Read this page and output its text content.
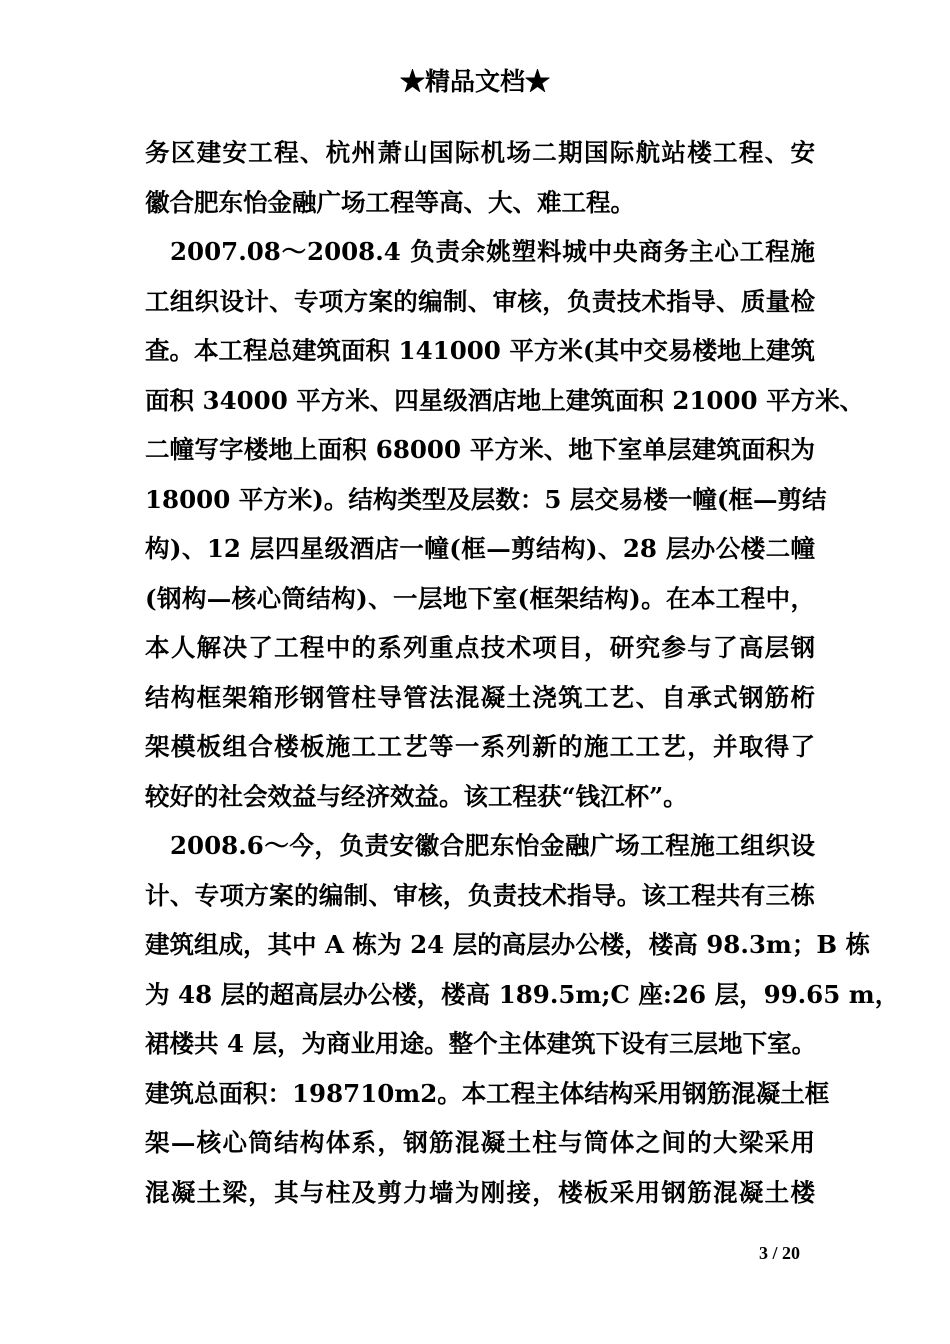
★精品文档★
务区建安工程、杭州萧山国际机场二期国际航站楼工程、安
徽合肥东怡金融广场工程等高、大、难工程。
2007.08～2008.4 负责余姚塑料城中央商务主心工程施
工组织设计、专项方案的编制、审核，负责技术指导、质量检
查。本工程总建筑面积 141000 平方米(其中交易楼地上建筑
面积 34000 平方米、四星级酒店地上建筑面积 21000 平方米、
二幢写字楼地上面积 68000 平方米、地下室单层建筑面积为
18000 平方米)。结构类型及层数：5 层交易楼一幢(框—剪结
构)、12 层四星级酒店一幢(框—剪结构)、28 层办公楼二幢
(钢构—核心筒结构)、一层地下室(框架结构)。在本工程中，
本人解决了工程中的系列重点技术项目，研究参与了高层钢
结构框架箱形钢管柱导管法混凝土浇筑工艺、自承式钢筋桁
架模板组合楼板施工工艺等一系列新的施工工艺，并取得了
较好的社会效益与经济效益。该工程获“钱江杯”。
2008.6～今，负责安徽合肥东怡金融广场工程施工组织设
计、专项方案的编制、审核，负责技术指导。该工程共有三栋
建筑组成，其中 A 栋为 24 层的高层办公楼，楼高 98.3m；B 栋
为 48 层的超高层办公楼，楼高 189.5m;C 座:26 层，99.65 m，
裙楼共 4 层，为商业用途。整个主体建筑下设有三层地下室。
建筑总面积：198710m2。本工程主体结构采用钢筋混凝土框
架—核心筒结构体系，钢筋混凝土柱与筒体之间的大梁采用
混凝土梁，其与柱及剪力墙为刚接，楼板采用钢筋混凝土楼
3 / 20
